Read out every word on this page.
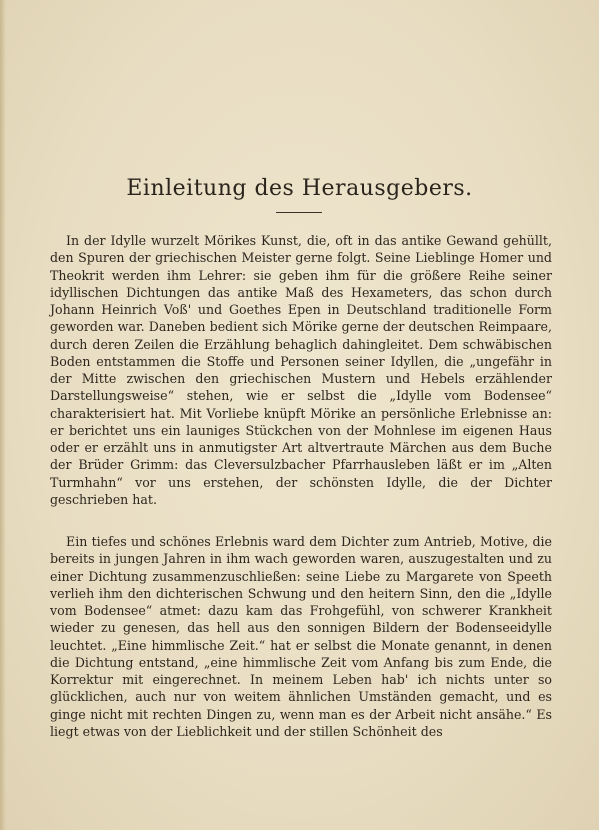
Einleitung des Herausgebers.

In der Idylle wurzelt Mörikes Kunst, die, oft in das antike Gewand gehüllt, den Spuren der griechischen Meister gerne folgt. Seine Lieblinge Homer und Theokrit werden ihm Lehrer: sie geben ihm für die größere Reihe seiner idyllischen Dichtungen das antike Maß des Hexameters, das schon durch Johann Heinrich Voß' und Goethes Epen in Deutschland traditionelle Form geworden war. Daneben bedient sich Mörike gerne der deutschen Reimpaare, durch deren Zeilen die Erzählung behaglich dahingleitet. Dem schwäbischen Boden entstammen die Stoffe und Personen seiner Idyllen, die „ungefähr in der Mitte zwischen den griechischen Mustern und Hebels erzählender Darstellungsweise“ stehen, wie er selbst die „Idylle vom Bodensee“ charakterisiert hat. Mit Vorliebe knüpft Mörike an persönliche Erlebnisse an: er berichtet uns ein launiges Stückchen von der Mohnlese im eigenen Haus oder er erzählt uns in anmutigster Art altvertraute Märchen aus dem Buche der Brüder Grimm: das Cleversulzbacher Pfarrhausleben läßt er im „Alten Turmhahn“ vor uns erstehen, der schönsten Idylle, die der Dichter geschrieben hat.

Ein tiefes und schönes Erlebnis ward dem Dichter zum Antrieb, Motive, die bereits in jungen Jahren in ihm wach geworden waren, auszugestalten und zu einer Dichtung zusammenzuschließen: seine Liebe zu Margarete von Speeth verlieh ihm den dichterischen Schwung und den heitern Sinn, den die „Idylle vom Bodensee“ atmet: dazu kam das Frohgefühl, von schwerer Krankheit wieder zu genesen, das hell aus den sonnigen Bildern der Bodenseeidylle leuchtet. „Eine himmlische Zeit.“ hat er selbst die Monate genannt, in denen die Dichtung entstand, „eine himmlische Zeit vom Anfang bis zum Ende, die Korrektur mit eingerechnet. In meinem Leben hab' ich nichts unter so glücklichen, auch nur von weitem ähnlichen Umständen gemacht, und es ginge nicht mit rechten Dingen zu, wenn man es der Arbeit nicht ansähe.“ Es liegt etwas von der Lieblichkeit und der stillen Schönheit des
